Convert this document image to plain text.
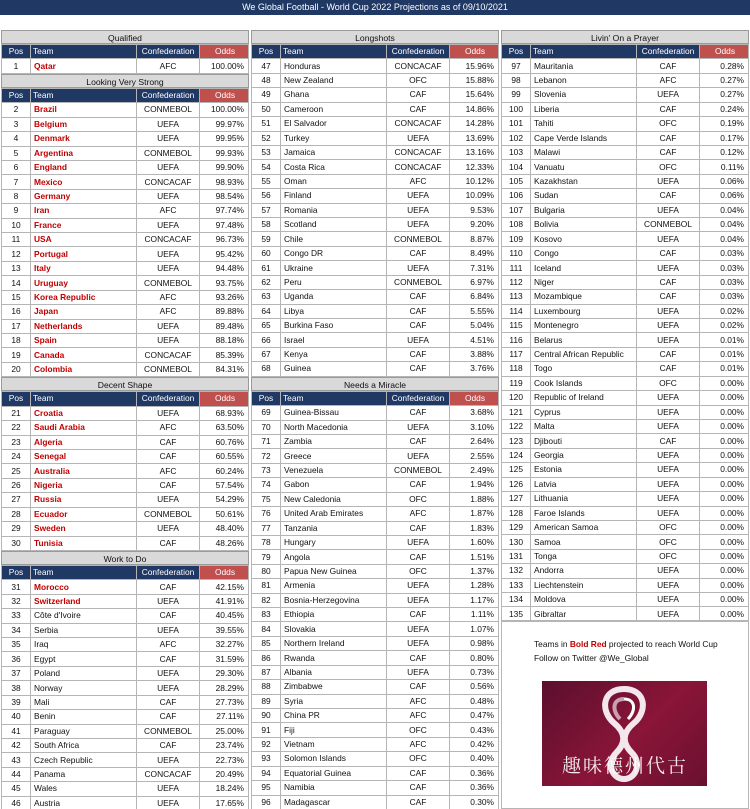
We Global Football - World Cup 2022 Projections as of 09/10/2021
Qualified
Pos	Team	Confederation	Odds
1	Qatar	AFC	100.00%
Looking Very Strong
Pos	Team	Confederation	Odds
2	Brazil	CONMEBOL	100.00%
3	Belgium	UEFA	99.97%
4	Denmark	UEFA	99.95%
5	Argentina	CONMEBOL	99.93%
6	England	UEFA	99.90%
7	Mexico	CONCACAF	98.93%
8	Germany	UEFA	98.54%
9	Iran	AFC	97.74%
10	France	UEFA	97.48%
11	USA	CONCACAF	96.73%
12	Portugal	UEFA	95.42%
13	Italy	UEFA	94.48%
14	Uruguay	CONMEBOL	93.75%
15	Korea Republic	AFC	93.26%
16	Japan	AFC	89.88%
17	Netherlands	UEFA	89.48%
18	Spain	UEFA	88.18%
19	Canada	CONCACAF	85.39%
20	Colombia	CONMEBOL	84.31%
Decent Shape
Pos	Team	Confederation	Odds
21	Croatia	UEFA	68.93%
22	Saudi Arabia	AFC	63.50%
23	Algeria	CAF	60.76%
24	Senegal	CAF	60.55%
25	Australia	AFC	60.24%
26	Nigeria	CAF	57.54%
27	Russia	UEFA	54.29%
28	Ecuador	CONMEBOL	50.61%
29	Sweden	UEFA	48.40%
30	Tunisia	CAF	48.26%
Work to Do
Pos	Team	Confederation	Odds
31	Morocco	CAF	42.15%
32	Switzerland	UEFA	41.91%
33	Côte d'Ivoire	CAF	40.45%
34	Serbia	UEFA	39.55%
35	Iraq	AFC	32.27%
36	Egypt	CAF	31.59%
37	Poland	UEFA	29.30%
38	Norway	UEFA	28.29%
39	Mali	CAF	27.73%
40	Benin	CAF	27.11%
41	Paraguay	CONMEBOL	25.00%
42	South Africa	CAF	23.74%
43	Czech Republic	UEFA	22.73%
44	Panama	CONCACAF	20.49%
45	Wales	UEFA	18.24%
46	Austria	UEFA	17.65%
Longshots
Pos	Team	Confederation	Odds
47	Honduras	CONCACAF	15.96%
48	New Zealand	OFC	15.88%
49	Ghana	CAF	15.64%
50	Cameroon	CAF	14.86%
51	El Salvador	CONCACAF	14.28%
52	Turkey	UEFA	13.69%
53	Jamaica	CONCACAF	13.16%
54	Costa Rica	CONCACAF	12.33%
55	Oman	AFC	10.12%
56	Finland	UEFA	10.09%
57	Romania	UEFA	9.53%
58	Scotland	UEFA	9.20%
59	Chile	CONMEBOL	8.87%
60	Congo DR	CAF	8.49%
61	Ukraine	UEFA	7.31%
62	Peru	CONMEBOL	6.97%
63	Uganda	CAF	6.84%
64	Libya	CAF	5.55%
65	Burkina Faso	CAF	5.04%
66	Israel	UEFA	4.51%
67	Kenya	CAF	3.88%
68	Guinea	CAF	3.76%
Needs a Miracle
Pos	Team	Confederation	Odds
69	Guinea-Bissau	CAF	3.68%
70	North Macedonia	UEFA	3.10%
71	Zambia	CAF	2.64%
72	Greece	UEFA	2.55%
73	Venezuela	CONMEBOL	2.49%
74	Gabon	CAF	1.94%
75	New Caledonia	OFC	1.88%
76	United Arab Emirates	AFC	1.87%
77	Tanzania	CAF	1.83%
78	Hungary	UEFA	1.60%
79	Angola	CAF	1.51%
80	Papua New Guinea	OFC	1.37%
81	Armenia	UEFA	1.28%
82	Bosnia-Herzegovina	UEFA	1.17%
83	Ethiopia	CAF	1.11%
84	Slovakia	UEFA	1.07%
85	Northern Ireland	UEFA	0.98%
86	Rwanda	CAF	0.80%
87	Albania	UEFA	0.73%
88	Zimbabwe	CAF	0.56%
89	Syria	AFC	0.48%
90	China PR	AFC	0.47%
91	Fiji	OFC	0.43%
92	Vietnam	AFC	0.42%
93	Solomon Islands	OFC	0.40%
94	Equatorial Guinea	CAF	0.36%
95	Namibia	CAF	0.36%
96	Madagascar	CAF	0.30%
Livin' On a Prayer
Pos	Team	Confederation	Odds
97	Mauritania	CAF	0.28%
98	Lebanon	AFC	0.27%
99	Slovenia	UEFA	0.27%
100	Liberia	CAF	0.24%
101	Tahiti	OFC	0.19%
102	Cape Verde Islands	CAF	0.17%
103	Malawi	CAF	0.12%
104	Vanuatu	OFC	0.11%
105	Kazakhstan	UEFA	0.06%
106	Sudan	CAF	0.06%
107	Bulgaria	UEFA	0.04%
108	Bolivia	CONMEBOL	0.04%
109	Kosovo	UEFA	0.04%
110	Congo	CAF	0.03%
111	Iceland	UEFA	0.03%
112	Niger	CAF	0.03%
113	Mozambique	CAF	0.03%
114	Luxembourg	UEFA	0.02%
115	Montenegro	UEFA	0.02%
116	Belarus	UEFA	0.01%
117	Central African Republic	CAF	0.01%
118	Togo	CAF	0.01%
119	Cook Islands	OFC	0.00%
120	Republic of Ireland	UEFA	0.00%
121	Cyprus	UEFA	0.00%
122	Malta	UEFA	0.00%
123	Djibouti	CAF	0.00%
124	Georgia	UEFA	0.00%
125	Estonia	UEFA	0.00%
126	Latvia	UEFA	0.00%
127	Lithuania	UEFA	0.00%
128	Faroe Islands	UEFA	0.00%
129	American Samoa	OFC	0.00%
130	Samoa	OFC	0.00%
131	Tonga	OFC	0.00%
132	Andorra	UEFA	0.00%
133	Liechtenstein	UEFA	0.00%
134	Moldova	UEFA	0.00%
135	Gibraltar	UEFA	0.00%
Teams in Bold Red projected to reach World Cup
Follow on Twitter @We_Global
趣味德州代古
